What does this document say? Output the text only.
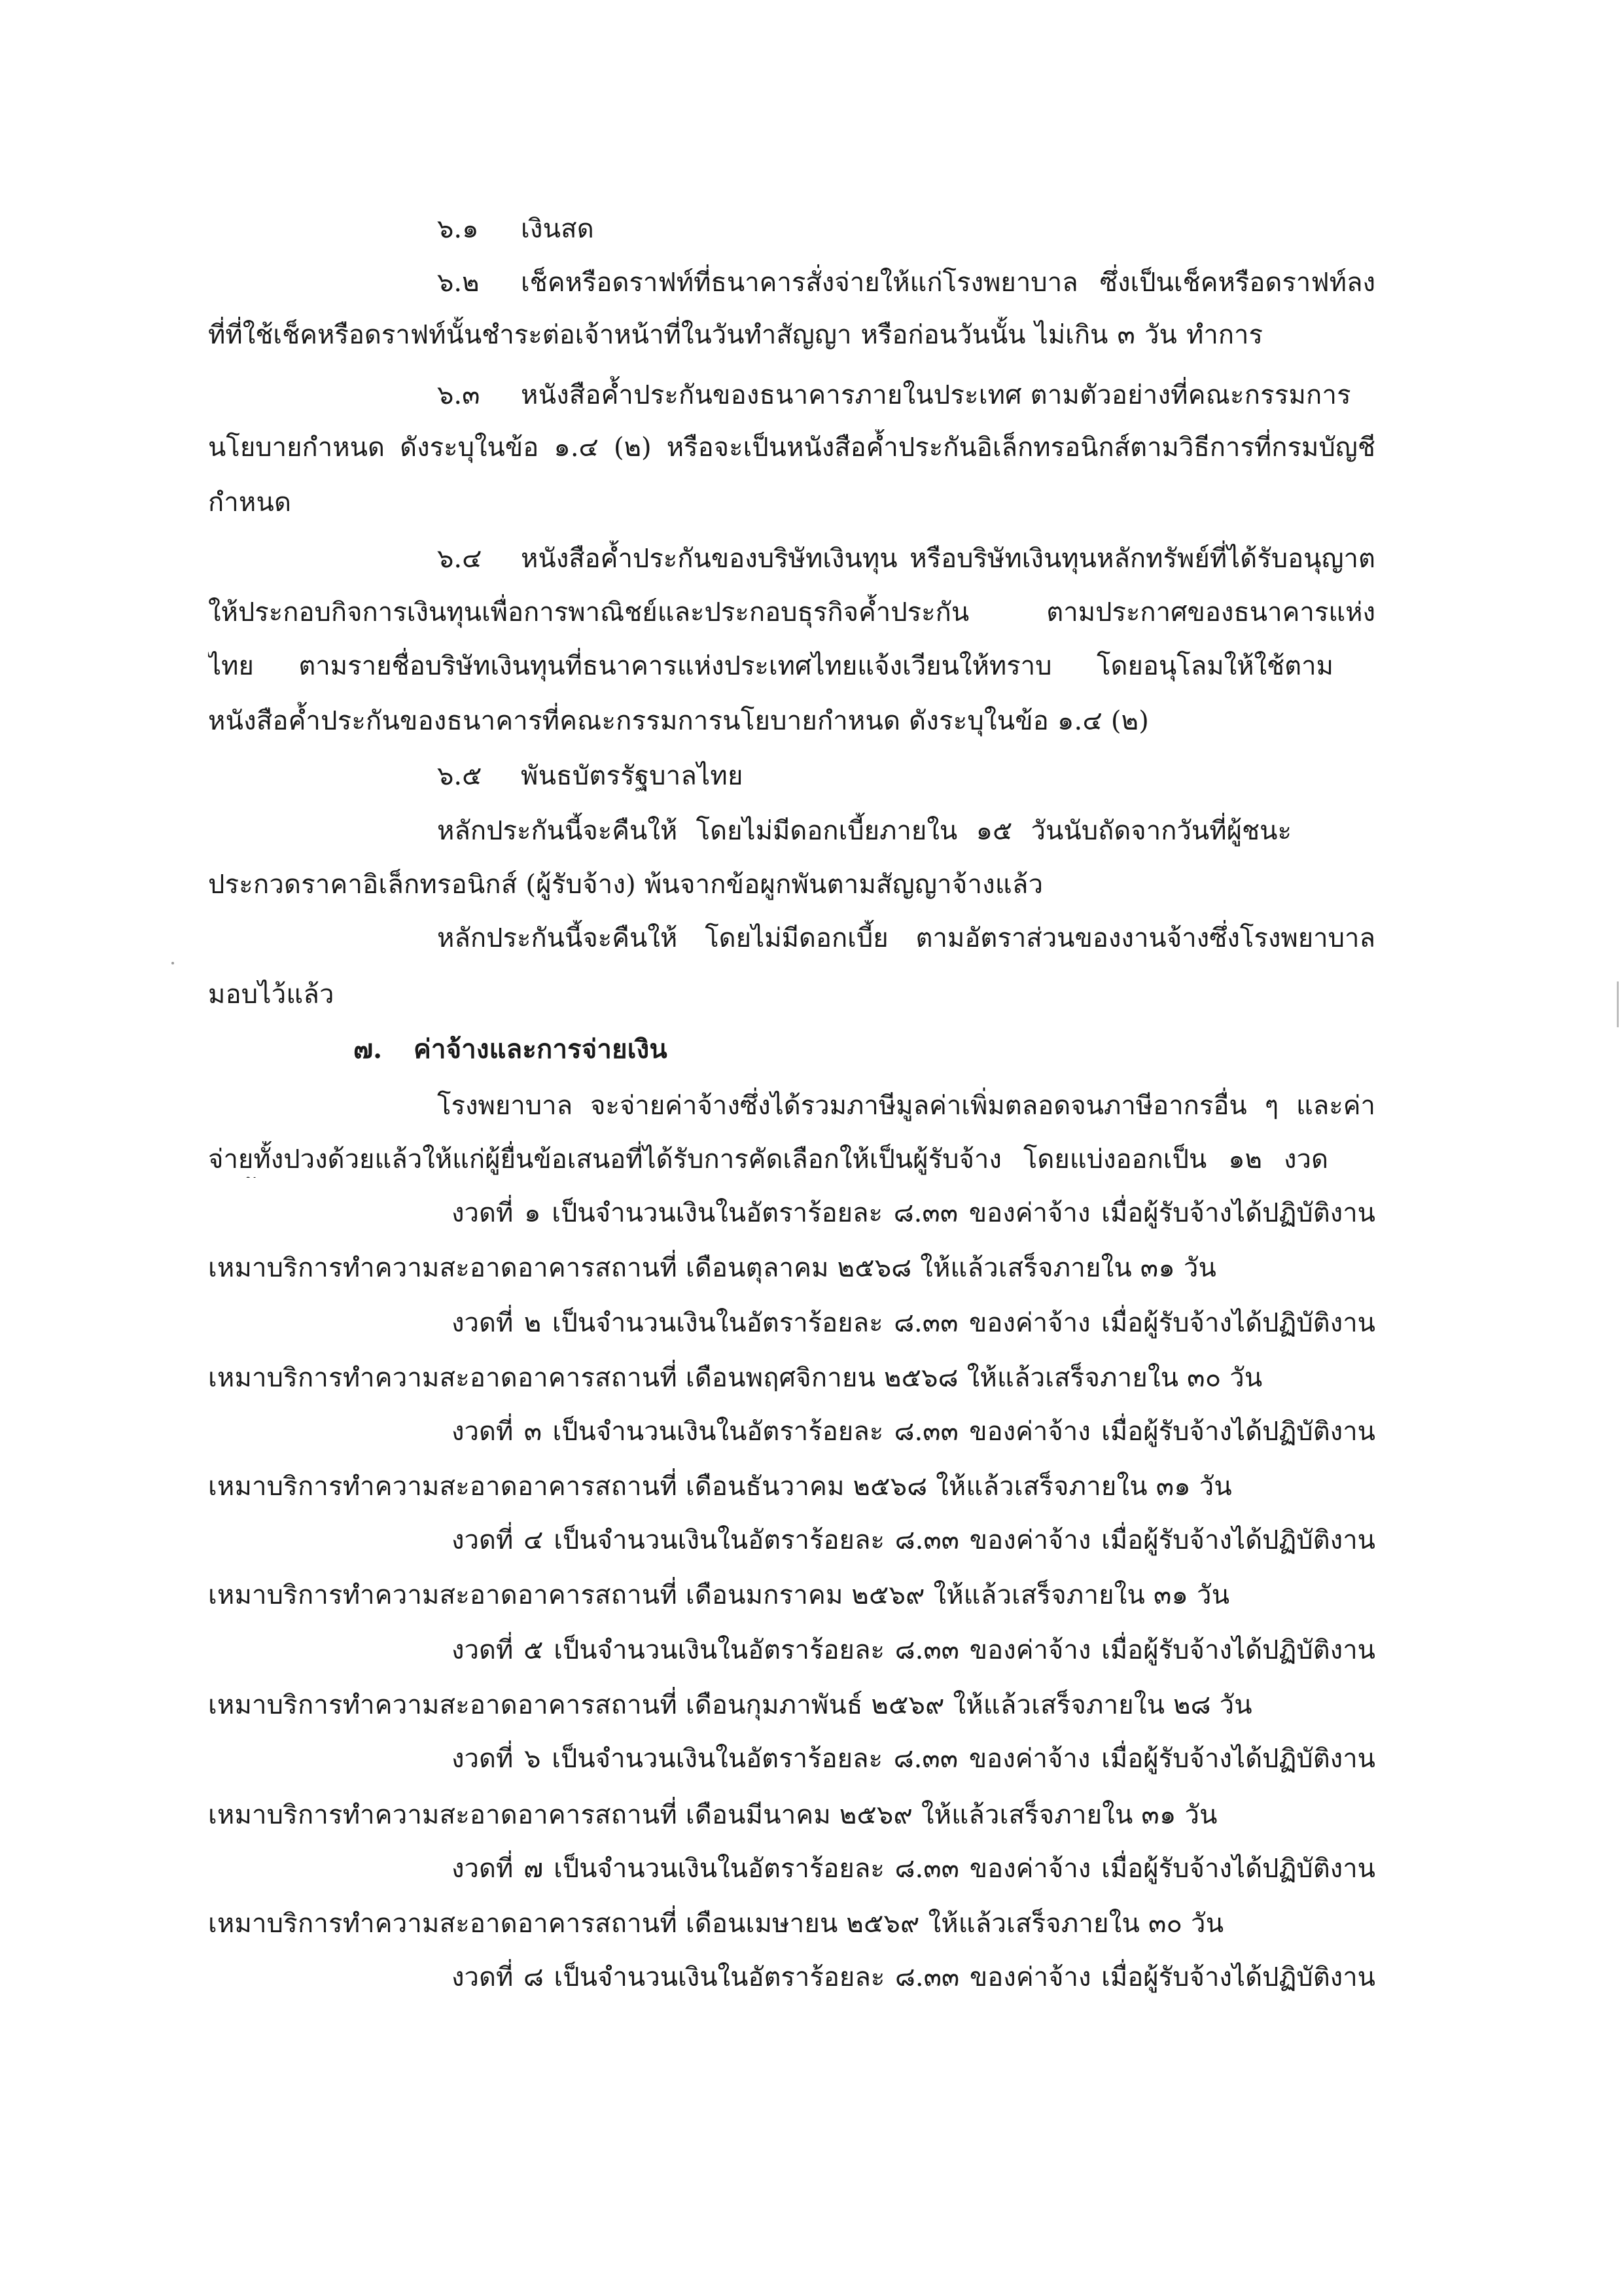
๖.๑ เงินสด
๖.๒ เช็คหรือดราฟท์ที่ธนาคารสั่งจ่ายให้แก่โรงพยาบาล ซึ่งเป็นเช็คหรือดราฟท์ลง
ที่ที่ใช้เช็คหรือดราฟท์นั้นชำระต่อเจ้าหน้าที่ในวันทำสัญญา หรือก่อนวันนั้น ไม่เกิน ๓ วัน ทำการ
๖.๓ หนังสือค้ำประกันของธนาคารภายในประเทศ ตามตัวอย่างที่คณะกรรมการ
นโยบายกำหนด ดังระบุในข้อ ๑.๔ (๒) หรือจะเป็นหนังสือค้ำประกันอิเล็กทรอนิกส์ตามวิธีการที่กรมบัญชี
กำหนด
๖.๔ หนังสือค้ำประกันของบริษัทเงินทุน หรือบริษัทเงินทุนหลักทรัพย์ที่ได้รับอนุญาต
ให้ประกอบกิจการเงินทุนเพื่อการพาณิชย์และประกอบธุรกิจค้ำประกัน ตามประกาศของธนาคารแห่ง
ไทย ตามรายชื่อบริษัทเงินทุนที่ธนาคารแห่งประเทศไทยแจ้งเวียนให้ทราบ โดยอนุโลมให้ใช้ตาม
หนังสือค้ำประกันของธนาคารที่คณะกรรมการนโยบายกำหนด ดังระบุในข้อ ๑.๔ (๒)
๖.๕ พันธบัตรรัฐบาลไทย
หลักประกันนี้จะคืนให้ โดยไม่มีดอกเบี้ยภายใน ๑๕ วันนับถัดจากวันที่ผู้ชนะ
ประกวดราคาอิเล็กทรอนิกส์ (ผู้รับจ้าง) พ้นจากข้อผูกพันตามสัญญาจ้างแล้ว
หลักประกันนี้จะคืนให้ โดยไม่มีดอกเบี้ย ตามอัตราส่วนของงานจ้างซึ่งโรงพยาบาล
มอบไว้แล้ว
๗. ค่าจ้างและการจ่ายเงิน
โรงพยาบาล จะจ่ายค่าจ้างซึ่งได้รวมภาษีมูลค่าเพิ่มตลอดจนภาษีอากรอื่น ๆ และค่า
จ่ายทั้งปวงด้วยแล้วให้แก่ผู้ยื่นข้อเสนอที่ได้รับการคัดเลือกให้เป็นผู้รับจ้าง โดยแบ่งออกเป็น ๑๒ งวด
งวดที่ ๑ เป็นจำนวนเงินในอัตราร้อยละ ๘.๓๓ ของค่าจ้าง เมื่อผู้รับจ้างได้ปฏิบัติงาน
เหมาบริการทำความสะอาดอาคารสถานที่ เดือนตุลาคม ๒๕๖๘ ให้แล้วเสร็จภายใน ๓๑ วัน
งวดที่ ๒ เป็นจำนวนเงินในอัตราร้อยละ ๘.๓๓ ของค่าจ้าง เมื่อผู้รับจ้างได้ปฏิบัติงาน
เหมาบริการทำความสะอาดอาคารสถานที่ เดือนพฤศจิกายน ๒๕๖๘ ให้แล้วเสร็จภายใน ๓๐ วัน
งวดที่ ๓ เป็นจำนวนเงินในอัตราร้อยละ ๘.๓๓ ของค่าจ้าง เมื่อผู้รับจ้างได้ปฏิบัติงาน
เหมาบริการทำความสะอาดอาคารสถานที่ เดือนธันวาคม ๒๕๖๘ ให้แล้วเสร็จภายใน ๓๑ วัน
งวดที่ ๔ เป็นจำนวนเงินในอัตราร้อยละ ๘.๓๓ ของค่าจ้าง เมื่อผู้รับจ้างได้ปฏิบัติงาน
เหมาบริการทำความสะอาดอาคารสถานที่ เดือนมกราคม ๒๕๖๙ ให้แล้วเสร็จภายใน ๓๑ วัน
งวดที่ ๕ เป็นจำนวนเงินในอัตราร้อยละ ๘.๓๓ ของค่าจ้าง เมื่อผู้รับจ้างได้ปฏิบัติงาน
เหมาบริการทำความสะอาดอาคารสถานที่ เดือนกุมภาพันธ์ ๒๕๖๙ ให้แล้วเสร็จภายใน ๒๘ วัน
งวดที่ ๖ เป็นจำนวนเงินในอัตราร้อยละ ๘.๓๓ ของค่าจ้าง เมื่อผู้รับจ้างได้ปฏิบัติงาน
เหมาบริการทำความสะอาดอาคารสถานที่ เดือนมีนาคม ๒๕๖๙ ให้แล้วเสร็จภายใน ๓๑ วัน
งวดที่ ๗ เป็นจำนวนเงินในอัตราร้อยละ ๘.๓๓ ของค่าจ้าง เมื่อผู้รับจ้างได้ปฏิบัติงาน
เหมาบริการทำความสะอาดอาคารสถานที่ เดือนเมษายน ๒๕๖๙ ให้แล้วเสร็จภายใน ๓๐ วัน
งวดที่ ๘ เป็นจำนวนเงินในอัตราร้อยละ ๘.๓๓ ของค่าจ้าง เมื่อผู้รับจ้างได้ปฏิบัติงาน
